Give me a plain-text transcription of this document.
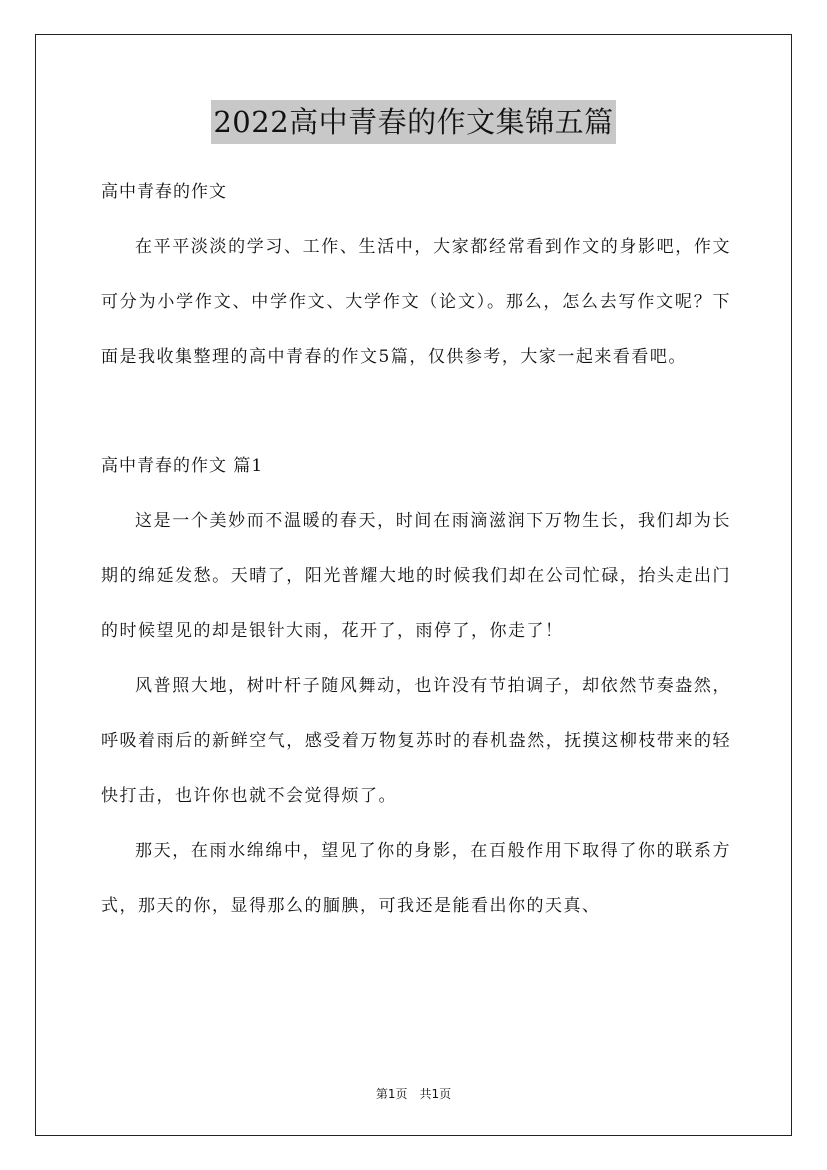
2022高中青春的作文集锦五篇

高中青春的作文

在平平淡淡的学习、工作、生活中，大家都经常看到作文的身影吧，作文可分为小学作文、中学作文、大学作文（论文）。那么，怎么去写作文呢？下面是我收集整理的高中青春的作文5篇，仅供参考，大家一起来看看吧。

高中青春的作文 篇1

这是一个美妙而不温暖的春天，时间在雨滴滋润下万物生长，我们却为长期的绵延发愁。天晴了，阳光普耀大地的时候我们却在公司忙碌，抬头走出门的时候望见的却是银针大雨，花开了，雨停了，你走了！

风普照大地，树叶杆子随风舞动，也许没有节拍调子，却依然节奏盎然，呼吸着雨后的新鲜空气，感受着万物复苏时的春机盎然，抚摸这柳枝带来的轻快打击，也许你也就不会觉得烦了。

那天，在雨水绵绵中，望见了你的身影，在百般作用下取得了你的联系方式，那天的你，显得那么的腼腆，可我还是能看出你的天真、

第1页　共1页
